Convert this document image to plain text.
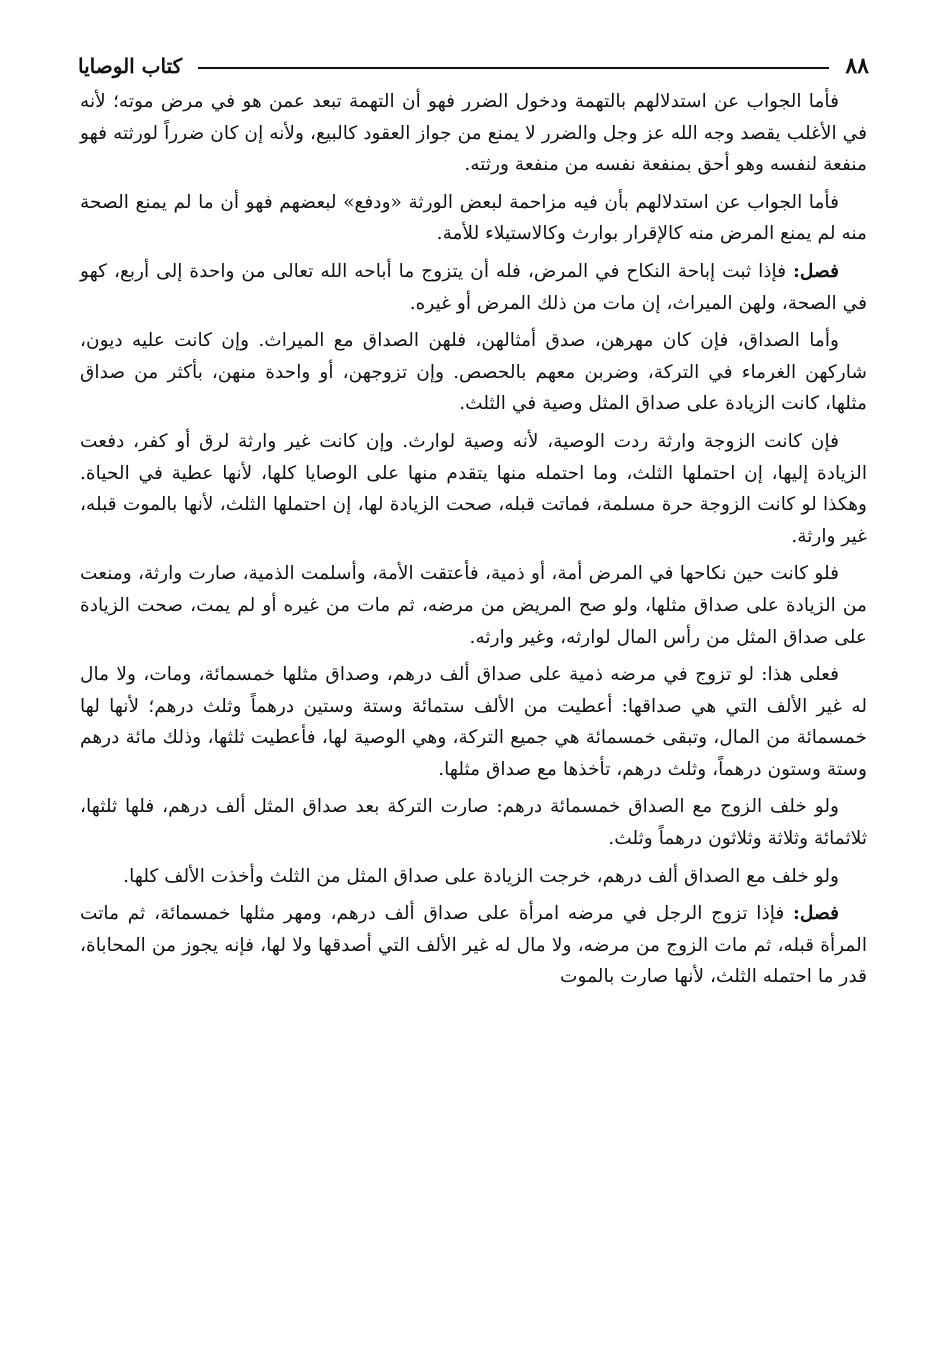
٨٨
كتاب الوصايا

فأما الجواب عن استدلالهم بالتهمة ودخول الضرر فهو أن التهمة تبعد عمن هو في مرض موته؛ لأنه في الأغلب يقصد وجه الله عز وجل والضرر لا يمنع من جواز العقود كالبيع، ولأنه إن كان ضرراً لورثته فهو منفعة لنفسه وهو أحق بمنفعة نفسه من منفعة ورثته.

فأما الجواب عن استدلالهم بأن فيه مزاحمة لبعض الورثة «ودفع» لبعضهم فهو أن ما لم يمنع الصحة منه لم يمنع المرض منه كالإقرار بوارث وكالاستيلاء للأمة.

فصل: فإذا ثبت إباحة النكاح في المرض، فله أن يتزوج ما أباحه الله تعالى من واحدة إلى أربع، كهو في الصحة، ولهن الميراث، إن مات من ذلك المرض أو غيره.

وأما الصداق، فإن كان مهرهن، صدق أمثالهن، فلهن الصداق مع الميراث. وإن كانت عليه ديون، شاركهن الغرماء في التركة، وضربن معهم بالحصص. وإن تزوجهن، أو واحدة منهن، بأكثر من صداق مثلها، كانت الزيادة على صداق المثل وصية في الثلث.

فإن كانت الزوجة وارثة ردت الوصية، لأنه وصية لوارث. وإن كانت غير وارثة لرق أو كفر، دفعت الزيادة إليها، إن احتملها الثلث، وما احتمله منها يتقدم منها على الوصايا كلها، لأنها عطية في الحياة. وهكذا لو كانت الزوجة حرة مسلمة، فماتت قبله، صحت الزيادة لها، إن احتملها الثلث، لأنها بالموت قبله، غير وارثة.

فلو كانت حين نكاحها في المرض أمة، أو ذمية، فأعتقت الأمة، وأسلمت الذمية، صارت وارثة، ومنعت من الزيادة على صداق مثلها، ولو صح المريض من مرضه، ثم مات من غيره أو لم يمت، صحت الزيادة على صداق المثل من رأس المال لوارثه، وغير وارثه.

فعلى هذا: لو تزوج في مرضه ذمية على صداق ألف درهم، وصداق مثلها خمسمائة، ومات، ولا مال له غير الألف التي هي صداقها: أعطيت من الألف ستمائة وستة وستين درهماً وثلث درهم؛ لأنها لها خمسمائة من المال، وتبقى خمسمائة هي جميع التركة، وهي الوصية لها، فأعطيت ثلثها، وذلك مائة درهم وستة وستون درهماً، وثلث درهم، تأخذها مع صداق مثلها.

ولو خلف الزوج مع الصداق خمسمائة درهم: صارت التركة بعد صداق المثل ألف درهم، فلها ثلثها، ثلاثمائة وثلاثة وثلاثون درهماً وثلث.

ولو خلف مع الصداق ألف درهم، خرجت الزيادة على صداق المثل من الثلث وأخذت الألف كلها.

فصل: فإذا تزوج الرجل في مرضه امرأة على صداق ألف درهم، ومهر مثلها خمسمائة، ثم ماتت المرأة قبله، ثم مات الزوج من مرضه، ولا مال له غير الألف التي أصدقها ولا لها، فإنه يجوز من المحاباة، قدر ما احتمله الثلث، لأنها صارت بالموت
